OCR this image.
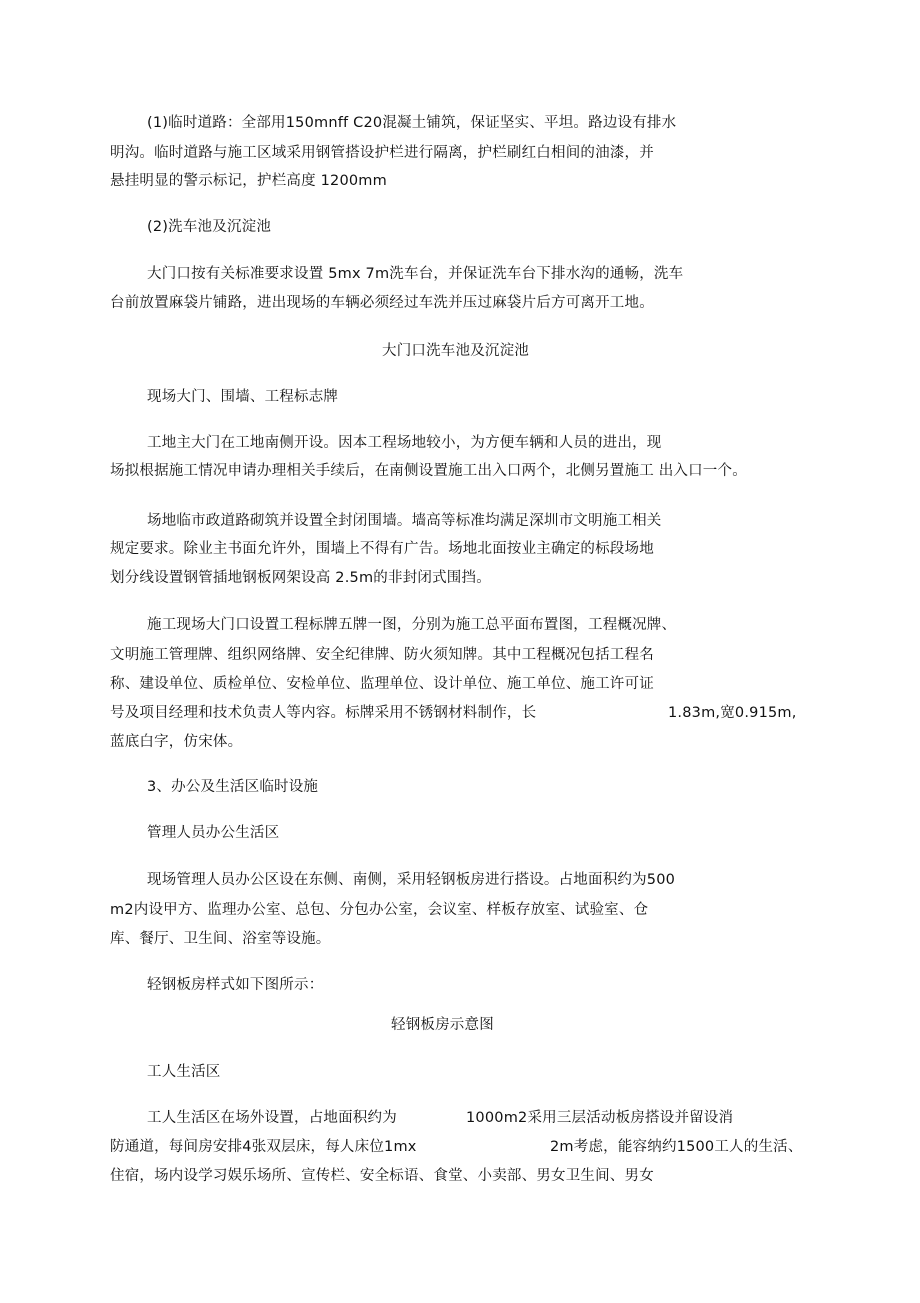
(1)临时道路：全部用150mnff C20混凝土铺筑，保证坚实、平坦。路边设有排水
明沟。临时道路与施工区域采用钢管搭设护栏进行隔离，护栏刷红白相间的油漆，并
悬挂明显的警示标记，护栏高度 1200mm
(2)洗车池及沉淀池
大门口按有关标准要求设置 5mx 7m洗车台，并保证洗车台下排水沟的通畅，洗车
台前放置麻袋片铺路，进出现场的车辆必须经过车洗并压过麻袋片后方可离开工地。
大门口洗车池及沉淀池
现场大门、围墙、工程标志牌
工地主大门在工地南侧开设。因本工程场地较小，为方便车辆和人员的进出，现
场拟根据施工情况申请办理相关手续后，在南侧设置施工出入口两个，北侧另置施工 出入口一个。
场地临市政道路砌筑并设置全封闭围墙。墙高等标准均满足深圳市文明施工相关
规定要求。除业主书面允许外，围墙上不得有广告。场地北面按业主确定的标段场地
划分线设置钢管插地钢板网架设高 2.5m的非封闭式围挡。
施工现场大门口设置工程标牌五牌一图，分别为施工总平面布置图，工程概况牌、
文明施工管理牌、组织网络牌、安全纪律牌、防火须知牌。其中工程概况包括工程名
称、建设单位、质检单位、安检单位、监理单位、设计单位、施工单位、施工许可证
号及项目经理和技术负责人等内容。标牌采用不锈钢材料制作，长	1.83m,宽0.915m,
蓝底白字，仿宋体。
3、办公及生活区临时设施
管理人员办公生活区
现场管理人员办公区设在东侧、南侧，采用轻钢板房进行搭设。占地面积约为500
m2内设甲方、监理办公室、总包、分包办公室，会议室、样板存放室、试验室、仓
库、餐厅、卫生间、浴室等设施。
轻钢板房样式如下图所示：
轻钢板房示意图
工人生活区
工人生活区在场外设置，占地面积约为	1000m2采用三层活动板房搭设并留设消
防通道，每间房安排4张双层床，每人床位1mx	2m考虑，能容纳约1500工人的生活、
住宿，场内设学习娱乐场所、宣传栏、安全标语、食堂、小卖部、男女卫生间、男女
